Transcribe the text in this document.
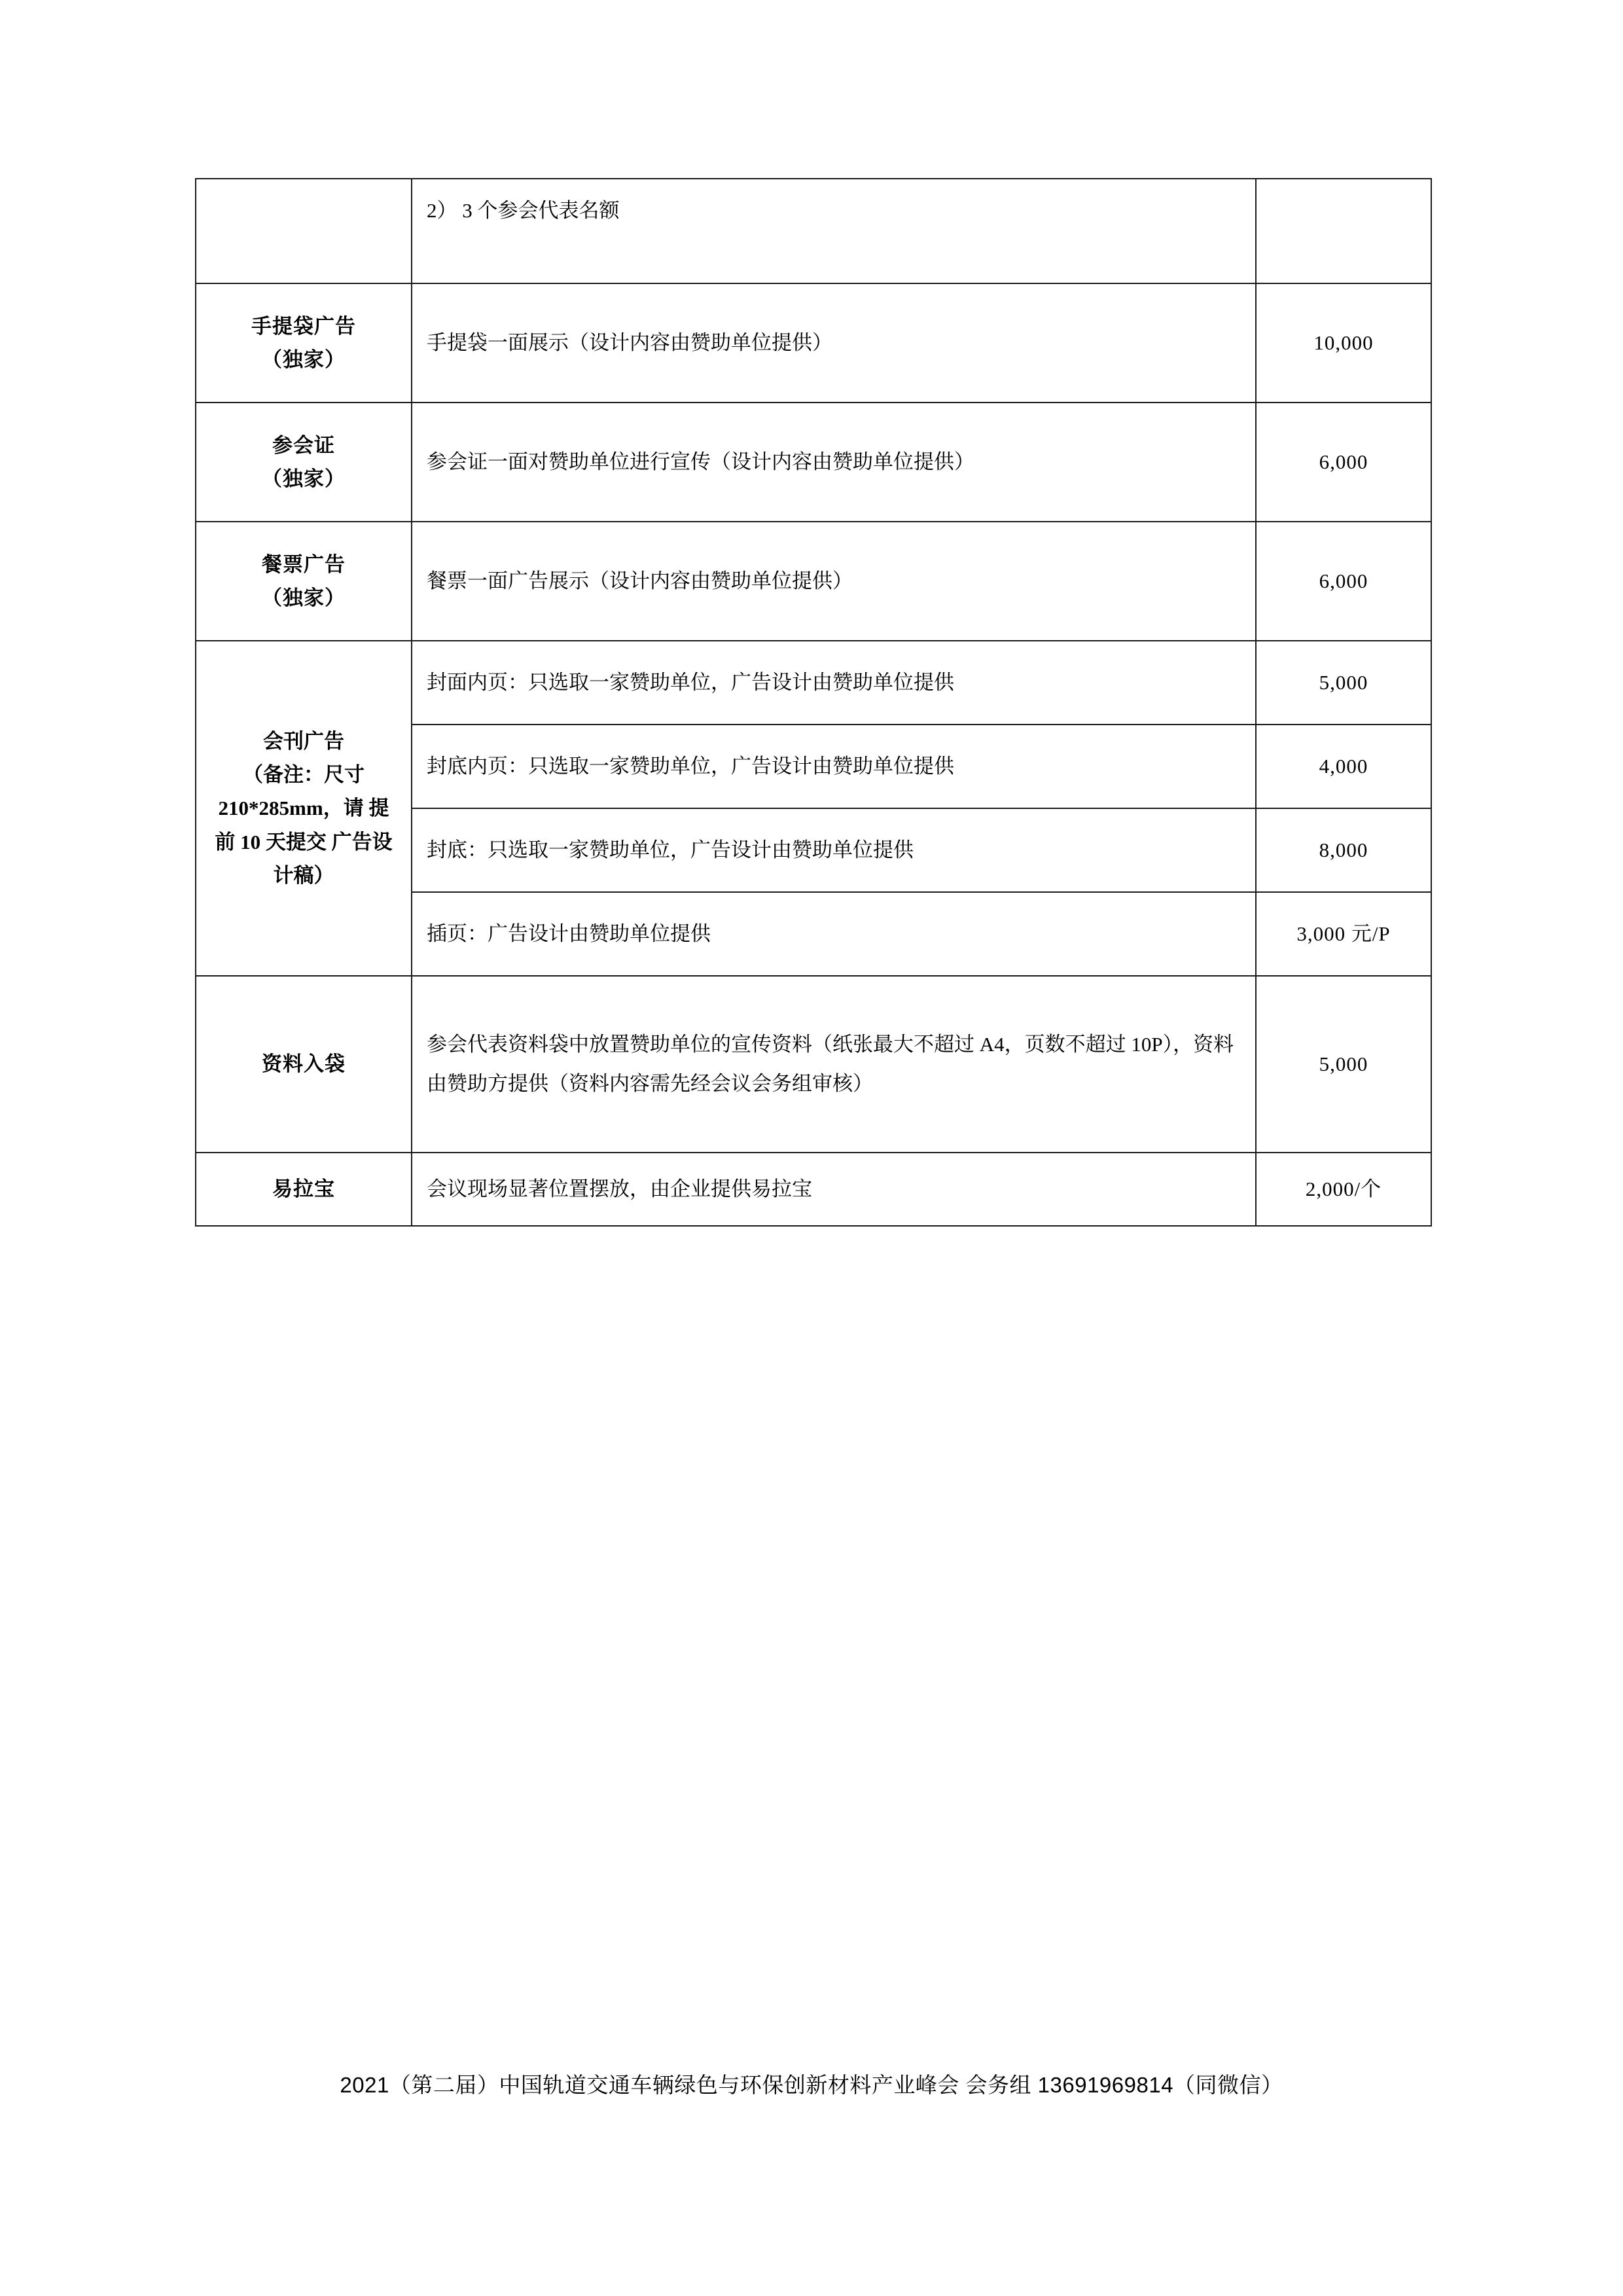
	2） 3 个参会代表名额	

手提袋广告
（独家）	手提袋一面展示（设计内容由赞助单位提供）	10,000

参会证
（独家）	参会证一面对赞助单位进行宣传（设计内容由赞助单位提供）	6,000

餐票广告
（独家）	餐票一面广告展示（设计内容由赞助单位提供）	6,000
会刊广告
（备注：尺寸 210*285mm，请 提前 10 天提交 广告设计稿）	封面内页：只选取一家赞助单位，广告设计由赞助单位提供	5,000
	封底内页：只选取一家赞助单位，广告设计由赞助单位提供	4,000
	封底：只选取一家赞助单位，广告设计由赞助单位提供	8,000
	插页：广告设计由赞助单位提供	3,000 元/P

资料入袋	参会代表资料袋中放置赞助单位的宣传资料（纸张最大不超过 A4，页数不超过 10P），资料由赞助方提供（资料内容需先经会议会务组审核）	5,000

易拉宝	会议现场显著位置摆放，由企业提供易拉宝	2,000/个
2021（第二届）中国轨道交通车辆绿色与环保创新材料产业峰会 会务组 13691969814（同微信）
